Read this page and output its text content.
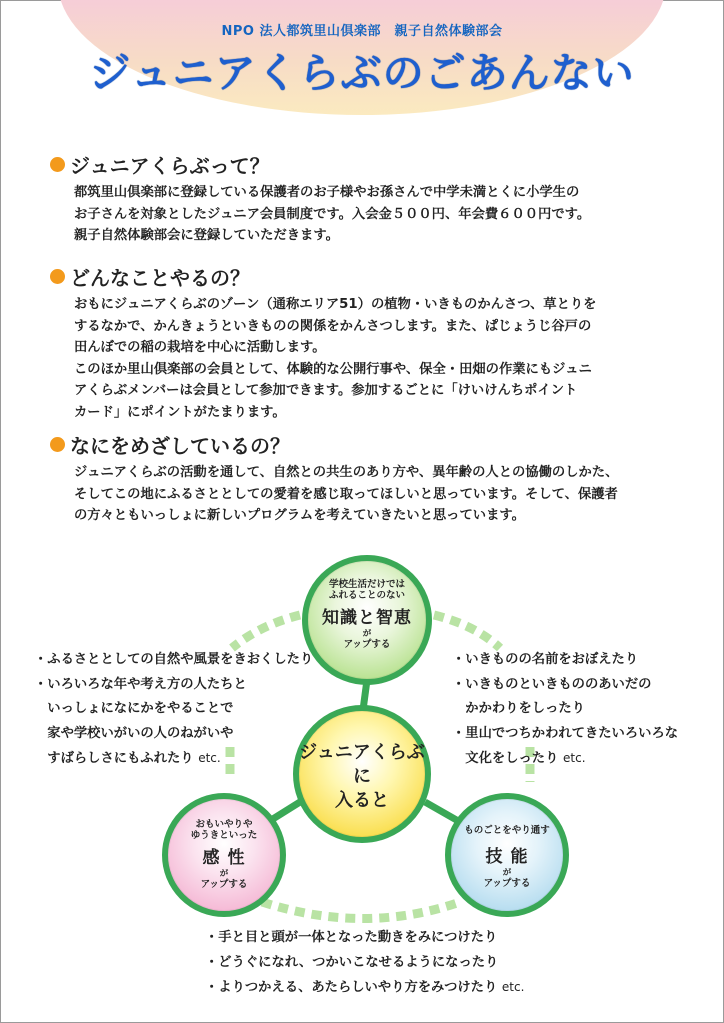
NPO 法人都筑里山倶楽部　親子自然体験部会
ジュニアくらぶのごあんない
ジュニアくらぶって？

都筑里山倶楽部に登録している保護者のお子様やお孫さんで中学未満とくに小学生の

お子さんを対象としたジュニア会員制度です。入会金５００円、年会費６００円です。

親子自然体験部会に登録していただきます。

どんなことやるの？

おもにジュニアくらぶのゾーン（通称エリア51）の植物・いきものかんさつ、草とりを

するなかで、かんきょうといきものの関係をかんさつします。また、ぱじょうじ谷戸の

田んぼでの稲の栽培を中心に活動します。

このほか里山倶楽部の会員として、体験的な公開行事や、保全・田畑の作業にもジュニ

アくらぶメンバーは会員として参加できます。参加するごとに「けいけんちポイント

カード」にポイントがたまります。

なにをめざしているの？

ジュニアくらぶの活動を通して、自然との共生のあり方や、異年齢の人との協働のしかた、

そしてこの地にふるさととしての愛着を感じ取ってほしいと思っています。そして、保護者

の方々ともいっしょに新しいプログラムを考えていきたいと思っています。

学校生活だけでは
ふれることのない
知識と智恵
が
アップする
ジュニアくらぶ
に
入ると
おもいやりや
ゆうきといった
感 性
が
アップする
ものごとをやり通す
技 能
が
アップする

・ふるさととしての自然や風景をきおくしたり

・いろいろな年や考え方の人たちと

　いっしょになにかをやることで

　家や学校いがいの人のねがいや

　すばらしさにもふれたり etc.

・いきものの名前をおぼえたり

・いきものといきもののあいだの

　かかわりをしったり

・里山でつちかわれてきたいろいろな

　文化をしったり etc.

・手と目と頭が一体となった動きをみにつけたり

・どうぐになれ、つかいこなせるようになったり

・よりつかえる、あたらしいやり方をみつけたり etc.
